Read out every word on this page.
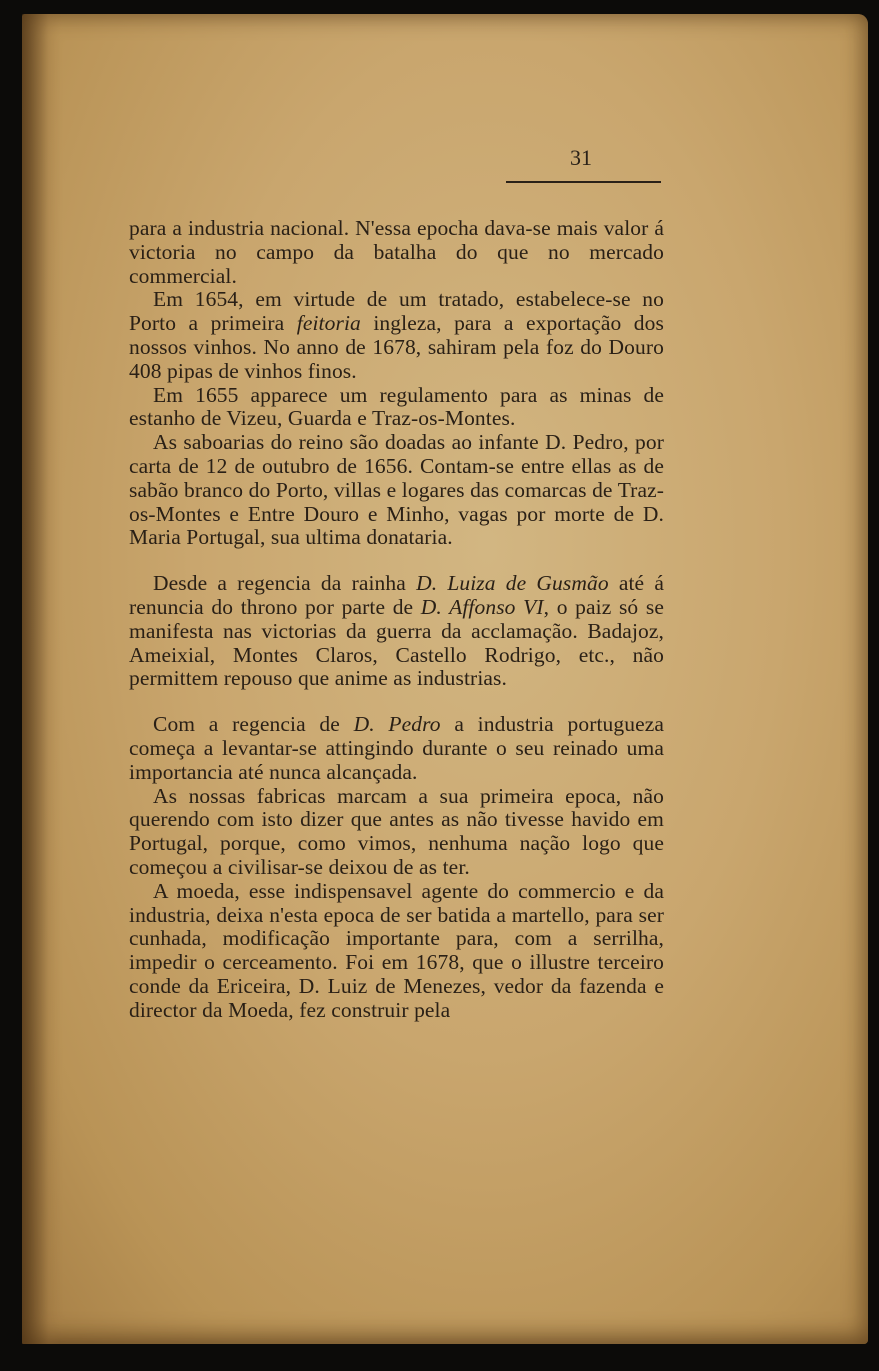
31

para a industria nacional. N'essa epocha dava-se mais valor á victoria no campo da batalha do que no mercado commercial.

Em 1654, em virtude de um tratado, estabelece-se no Porto a primeira feitoria ingleza, para a exportação dos nossos vinhos. No anno de 1678, sahiram pela foz do Douro 408 pipas de vinhos finos.

Em 1655 apparece um regulamento para as minas de estanho de Vizeu, Guarda e Traz-os-Montes.

As saboarias do reino são doadas ao infante D. Pedro, por carta de 12 de outubro de 1656. Contam-se entre ellas as de sabão branco do Porto, villas e logares das comarcas de Traz-os-Montes e Entre Douro e Minho, vagas por morte de D. Maria Portugal, sua ultima donataria.

Desde a regencia da rainha D. Luiza de Gusmão até á renuncia do throno por parte de D. Affonso VI, o paiz só se manifesta nas victorias da guerra da acclamação. Badajoz, Ameixial, Montes Claros, Castello Rodrigo, etc., não permittem repouso que anime as industrias.

Com a regencia de D. Pedro a industria portugueza começa a levantar-se attingindo durante o seu reinado uma importancia até nunca alcançada.

As nossas fabricas marcam a sua primeira epoca, não querendo com isto dizer que antes as não tivesse havido em Portugal, porque, como vimos, nenhuma nação logo que começou a civilisar-se deixou de as ter.

A moeda, esse indispensavel agente do commercio e da industria, deixa n'esta epoca de ser batida a martello, para ser cunhada, modificação importante para, com a serrilha, impedir o cerceamento. Foi em 1678, que o illustre terceiro conde da Ericeira, D. Luiz de Menezes, vedor da fazenda e director da Moeda, fez construir pela
